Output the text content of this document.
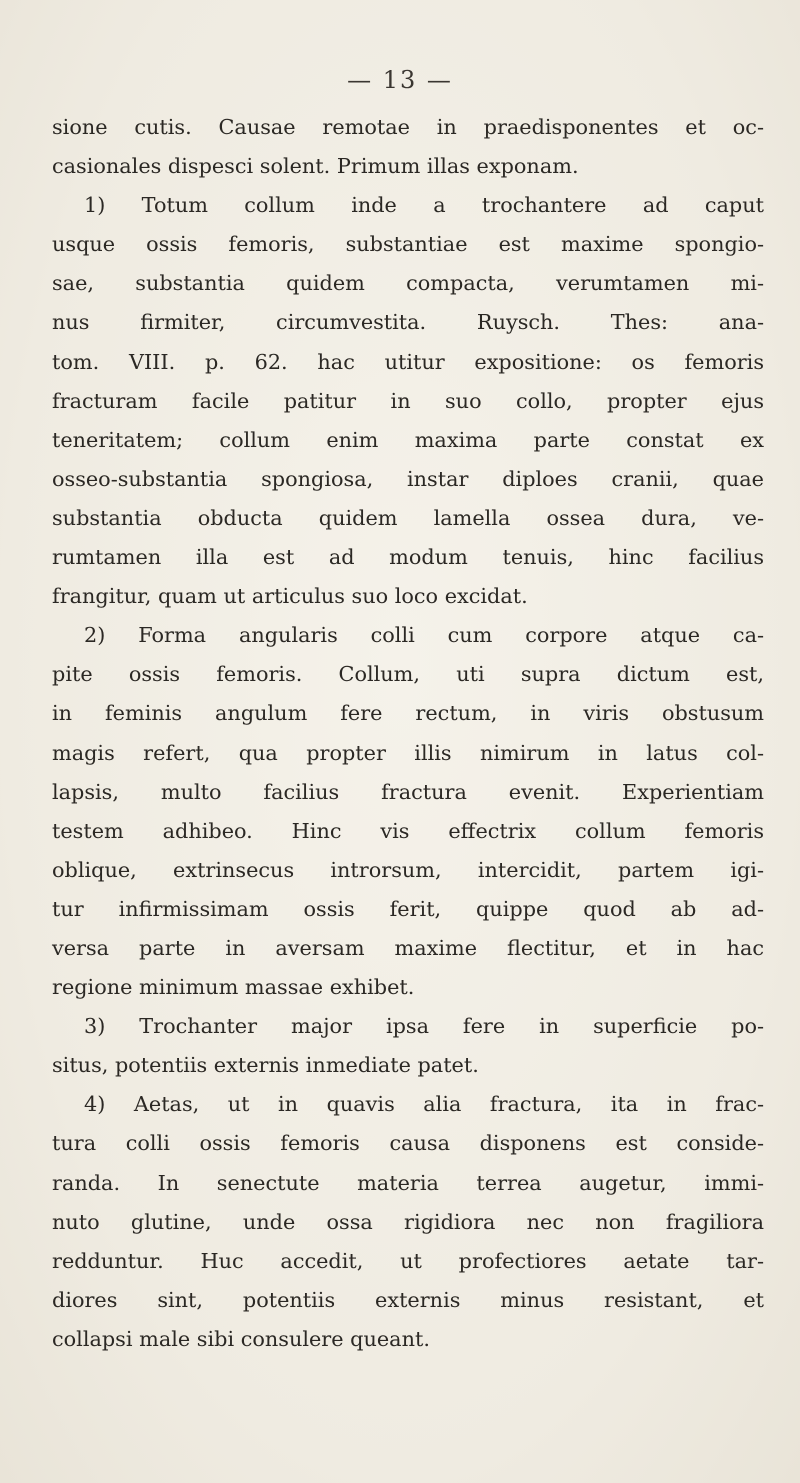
— 13 —
sione cutis. Causae remotae in praedisponentes et oc-
casionales dispesci solent. Primum illas exponam.
1) Totum collum inde a trochantere ad caput
usque ossis femoris, substantiae est maxime spongio-
sae, substantia quidem compacta, verumtamen mi-
nus firmiter, circumvestita. Ruysch. Thes: ana-
tom. VIII. p. 62. hac utitur expositione: os femoris
fracturam facile patitur in suo collo, propter ejus
teneritatem; collum enim maxima parte constat ex
osseo-substantia spongiosa, instar diploes cranii, quae
substantia obducta quidem lamella ossea dura, ve-
rumtamen illa est ad modum tenuis, hinc facilius
frangitur, quam ut articulus suo loco excidat.
2) Forma angularis colli cum corpore atque ca-
pite ossis femoris. Collum, uti supra dictum est,
in feminis angulum fere rectum, in viris obstusum
magis refert, qua propter illis nimirum in latus col-
lapsis, multo facilius fractura evenit. Experientiam
testem adhibeo. Hinc vis effectrix collum femoris
oblique, extrinsecus introrsum, intercidit, partem igi-
tur infirmissimam ossis ferit, quippe quod ab ad-
versa parte in aversam maxime flectitur, et in hac
regione minimum massae exhibet.
3) Trochanter major ipsa fere in superficie po-
situs, potentiis externis inmediate patet.
4) Aetas, ut in quavis alia fractura, ita in frac-
tura colli ossis femoris causa disponens est conside-
randa. In senectute materia terrea augetur, immi-
nuto glutine, unde ossa rigidiora nec non fragiliora
redduntur. Huc accedit, ut profectiores aetate tar-
diores sint, potentiis externis minus resistant, et
collapsi male sibi consulere queant.
